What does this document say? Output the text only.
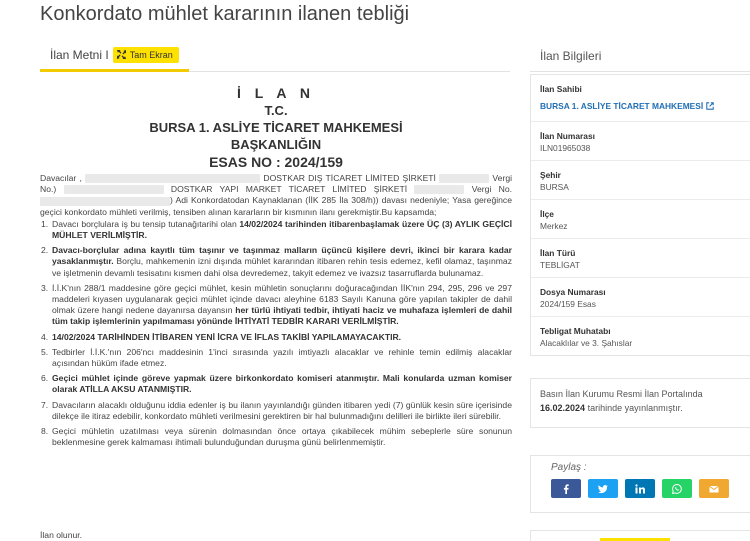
Konkordato mühlet kararının ilanen tebliği
İlan Metni I Tam Ekran
İ L A N
T.C.
BURSA 1. ASLİYE TİCARET MAHKEMESİ
BAŞKANLIĞIN
ESAS NO : 2024/159
Davacılar ,	DOSTKAR DIŞ TİCARET LİMİTED ŞİRKETİ	Vergi No.)	DOSTKAR YAPI MARKET TİCARET LİMİTED ŞİRKETİ	Vergi No. ) Adi Konkordatodan Kaynaklanan (İİK 285 İla 308/h)) davası nedeniyle; Yasa gereğince geçici konkordato mühleti verilmiş, tensiben alınan kararların bir kısmının ilanı gerekmiştir.Bu kapsamda;
1. Davacı borçlulara iş bu tensip tutanağıtarihi olan 14/02/2024 tarihinden itibarenbaşlamak üzere ÜÇ (3) AYLIK GEÇİCİ MÜHLET VERİLMİŞTİR.
2. Davacı-borçlular adına kayıtlı tüm taşınır ve taşınmaz malların üçüncü kişilere devri, ikinci bir karara kadar yasaklanmıştır. Borçlu, mahkemenin izni dışında mühlet kararından itibaren rehin tesis edemez, kefil olamaz, taşınmaz ve işletmenin devamlı tesisatını kısmen dahi olsa devredemez, takyit edemez ve ivazsız tasarruflarda bulunamaz.
3. İ.İ.K'nın 288/1 maddesine göre geçici mühlet, kesin mühletin sonuçlarını doğuracağından İİK'nın 294, 295, 296 ve 297 maddeleri kıyasen uygulanarak geçici mühlet içinde davacı aleyhine 6183 Sayılı Kanuna göre yapılan takipler de dahil olmak üzere hangi nedene dayanırsa dayansın her türlü ihtiyati tedbir, ihtiyati haciz ve muhafaza işlemleri de dahil tüm takip işlemlerinin yapılmaması yönünde İHTİYATİ TEDBİR KARARI VERİLMİŞTİR.
4. 14/02/2024 TARİHİNDEN İTİBAREN YENİ İCRA VE İFLAS TAKİBİ YAPILAMAYACAKTIR.
5. Tedbirler İ.İ.K.'nın 206'ncı maddesinin 1'inci sırasında yazılı imtiyazlı alacaklar ve rehinle temin edilmiş alacaklar açısından hüküm ifade etmez.
6. Geçici mühlet içinde göreve yapmak üzere birkonkordato komiseri atanmıştır. Mali konularda uzman komiser olarak ATİLLA AKSU ATANMIŞTIR.
7. Davacıların alacaklı olduğunu iddia edenler iş bu ilanın yayınlandığı günden itibaren yedi (7) günlük kesin süre içerisinde dilekçe ile itiraz edebilir, konkordato mühleti verilmesini gerektiren bir hal bulunmadığını delilleri ile birlikte ileri sürebilir.
8. Geçici mühletin uzatılması veya sürenin dolmasından önce ortaya çıkabilecek mühim sebeplerle süre sonunun beklenmesine gerek kalmaması ihtimali bulunduğundan duruşma günü belirlenmemiştir.
İlan olunur.
İlan Bilgileri
İlan Sahibi
BURSA 1. ASLİYE TİCARET MAHKEMESİ
İlan Numarası
ILN01965038
Şehir
BURSA
İlçe
Merkez
İlan Türü
TEBLİGAT
Dosya Numarası
2024/159 Esas
Tebligat Muhatabı
Alacaklılar ve 3. Şahıslar
Basın İlan Kurumu Resmi İlan Portalında 16.02.2024 tarihinde yayınlanmıştır.
Paylaş :
